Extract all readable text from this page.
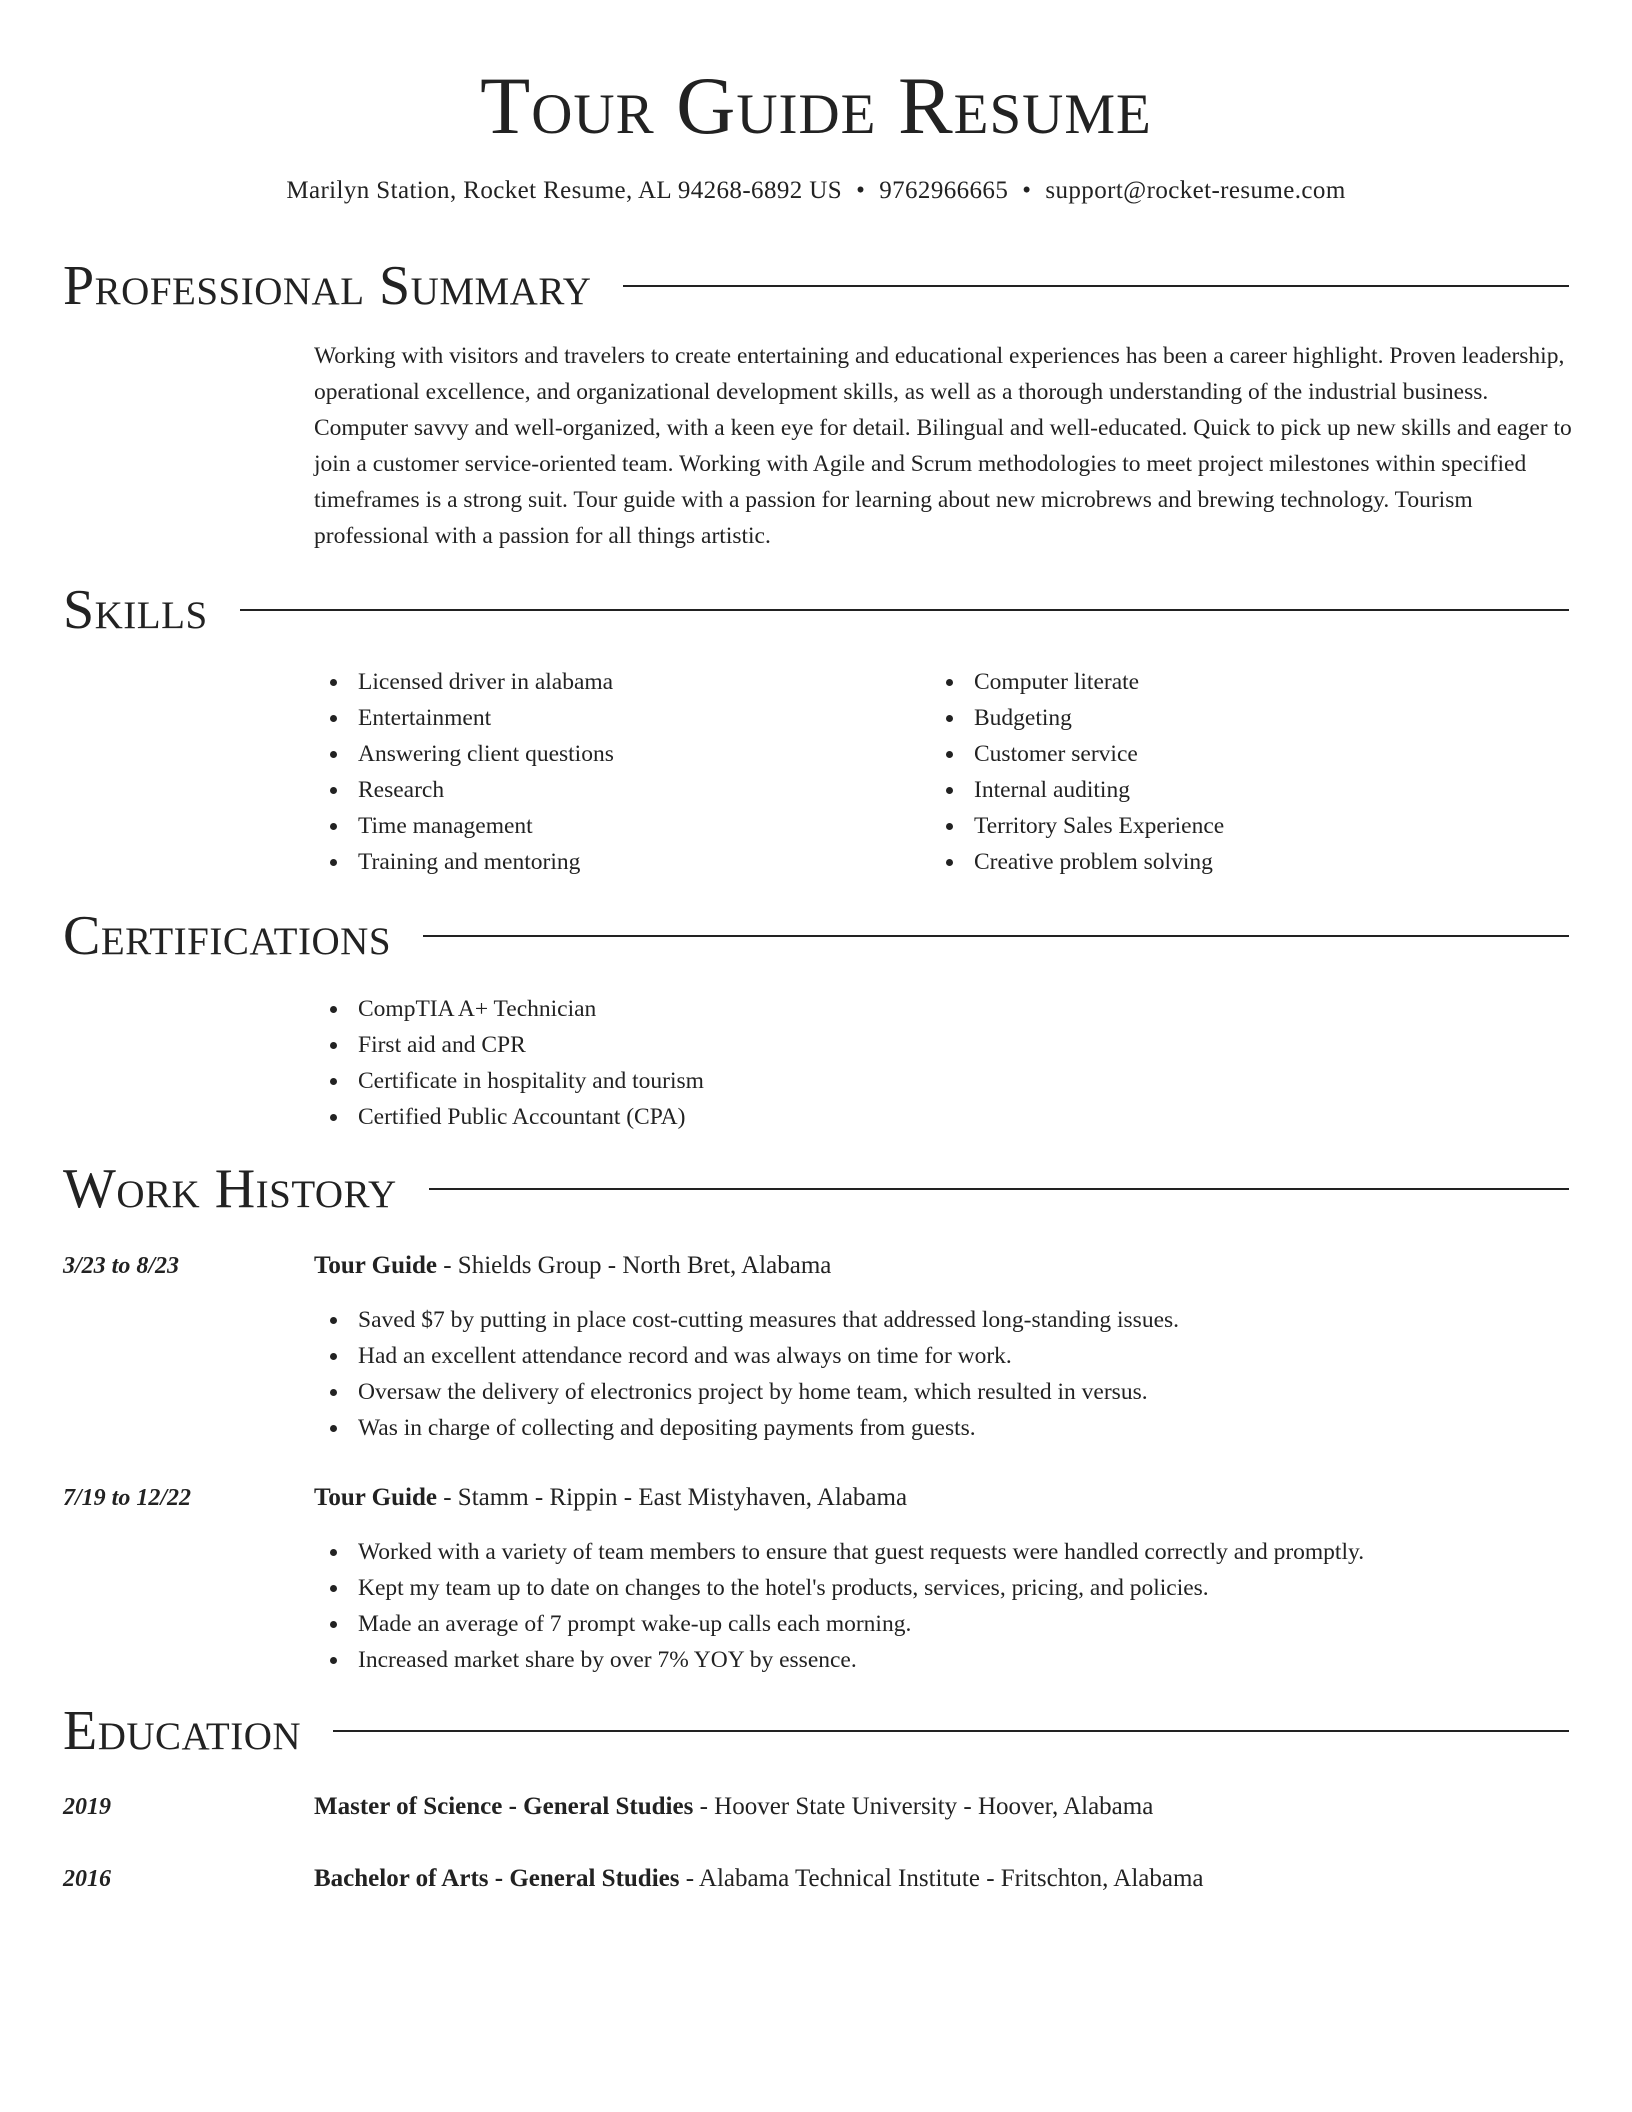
Tour Guide Resume
Marilyn Station, Rocket Resume, AL 94268-6892 US • 9762966665 • support@rocket-resume.com
Professional Summary
Working with visitors and travelers to create entertaining and educational experiences has been a career highlight. Proven leadership, operational excellence, and organizational development skills, as well as a thorough understanding of the industrial business. Computer savvy and well-organized, with a keen eye for detail. Bilingual and well-educated. Quick to pick up new skills and eager to join a customer service-oriented team. Working with Agile and Scrum methodologies to meet project milestones within specified timeframes is a strong suit. Tour guide with a passion for learning about new microbrews and brewing technology. Tourism professional with a passion for all things artistic.
Skills
Licensed driver in alabama
Entertainment
Answering client questions
Research
Time management
Training and mentoring
Computer literate
Budgeting
Customer service
Internal auditing
Territory Sales Experience
Creative problem solving
Certifications
CompTIA A+ Technician
First aid and CPR
Certificate in hospitality and tourism
Certified Public Accountant (CPA)
Work History
3/23 to 8/23	Tour Guide - Shields Group - North Bret, Alabama
Saved $7 by putting in place cost-cutting measures that addressed long-standing issues.
Had an excellent attendance record and was always on time for work.
Oversaw the delivery of electronics project by home team, which resulted in versus.
Was in charge of collecting and depositing payments from guests.
7/19 to 12/22	Tour Guide - Stamm - Rippin - East Mistyhaven, Alabama
Worked with a variety of team members to ensure that guest requests were handled correctly and promptly.
Kept my team up to date on changes to the hotel's products, services, pricing, and policies.
Made an average of 7 prompt wake-up calls each morning.
Increased market share by over 7% YOY by essence.
Education
2019	Master of Science - General Studies - Hoover State University - Hoover, Alabama
2016	Bachelor of Arts - General Studies - Alabama Technical Institute - Fritschton, Alabama
